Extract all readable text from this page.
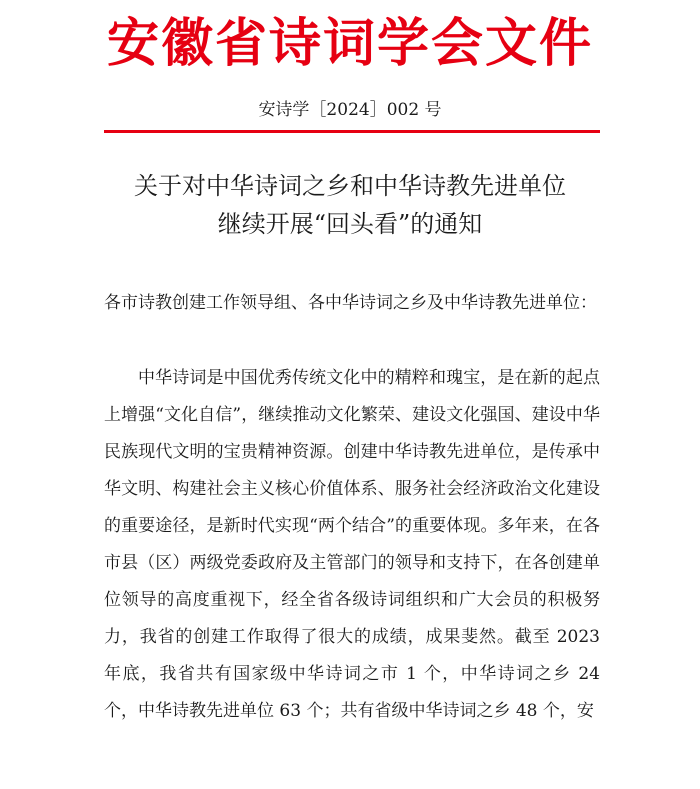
安徽省诗词学会文件
安诗学［2024］002 号
关于对中华诗词之乡和中华诗教先进单位
继续开展“回头看”的通知
各市诗教创建工作领导组、各中华诗词之乡及中华诗教先进单位：
中华诗词是中国优秀传统文化中的精粹和瑰宝，是在新的起点上增强“文化自信”，继续推动文化繁荣、建设文化强国、建设中华民族现代文明的宝贵精神资源。创建中华诗教先进单位，是传承中华文明、构建社会主义核心价值体系、服务社会经济政治文化建设的重要途径，是新时代实现“两个结合”的重要体现。多年来，在各市县（区）两级党委政府及主管部门的领导和支持下，在各创建单位领导的高度重视下，经全省各级诗词组织和广大会员的积极努力，我省的创建工作取得了很大的成绩，成果斐然。截至 2023 年底，我省共有国家级中华诗词之市 1 个，中华诗词之乡 24 个，中华诗教先进单位 63 个；共有省级中华诗词之乡 48 个，安
